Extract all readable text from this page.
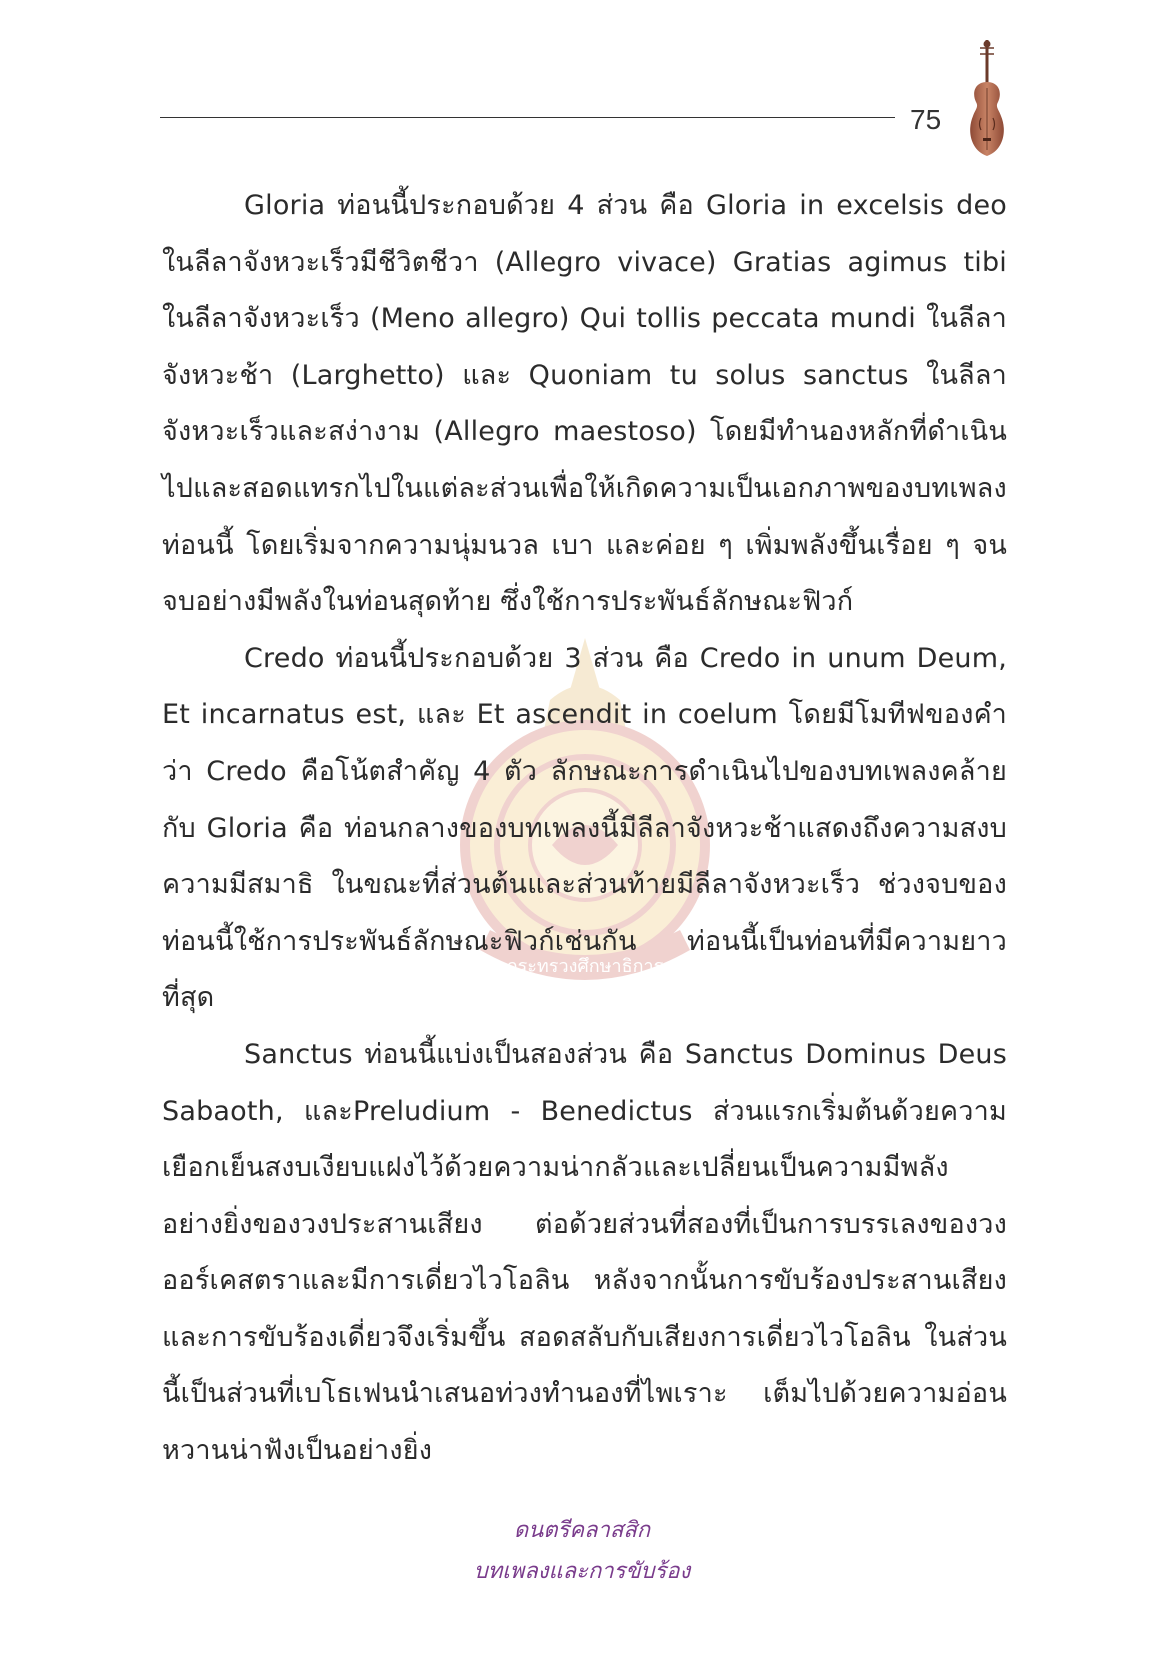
75
กระทรวงศึกษาธิการ

Gloria ท่อนนี้ประกอบด้วย 4 ส่วน คือ Gloria in excelsis deo ในลีลาจังหวะเร็วมีชีวิตชีวา (Allegro vivace) Gratias agimus tibi ในลีลาจังหวะเร็ว (Meno allegro) Qui tollis peccata mundi ในลีลาจังหวะช้า (Larghetto) และ Quoniam tu solus sanctus ในลีลาจังหวะเร็วและสง่างาม (Allegro maestoso) โดยมีทำนองหลักที่ดำเนินไปและสอดแทรกไปในแต่ละส่วนเพื่อให้เกิดความเป็นเอกภาพของบทเพลงท่อนนี้ โดยเริ่มจากความนุ่มนวล เบา และค่อย ๆ เพิ่มพลังขึ้นเรื่อย ๆ จนจบอย่างมีพลังในท่อนสุดท้าย ซึ่งใช้การประพันธ์ลักษณะฟิวก์

Credo ท่อนนี้ประกอบด้วย 3 ส่วน คือ Credo in unum Deum, Et incarnatus est, และ Et ascendit in coelum โดยมีโมทีฟของคำว่า Credo คือโน้ตสำคัญ 4 ตัว ลักษณะการดำเนินไปของบทเพลงคล้ายกับ Gloria คือ ท่อนกลางของบทเพลงนี้มีลีลาจังหวะช้าแสดงถึงความสงบ ความมีสมาธิ ในขณะที่ส่วนต้นและส่วนท้ายมีลีลาจังหวะเร็ว ช่วงจบของท่อนนี้ใช้การประพันธ์ลักษณะฟิวก์เช่นกัน ท่อนนี้เป็นท่อนที่มีความยาวที่สุด

Sanctus ท่อนนี้แบ่งเป็นสองส่วน คือ Sanctus Dominus Deus Sabaoth, และPreludium - Benedictus ส่วนแรกเริ่มต้นด้วยความเยือกเย็นสงบเงียบแฝงไว้ด้วยความน่ากลัวและเปลี่ยนเป็นความมีพลังอย่างยิ่งของวงประสานเสียง ต่อด้วยส่วนที่สองที่เป็นการบรรเลงของวงออร์เคสตราและมีการเดี่ยวไวโอลิน หลังจากนั้นการขับร้องประสานเสียงและการขับร้องเดี่ยวจึงเริ่มขึ้น สอดสลับกับเสียงการเดี่ยวไวโอลิน ในส่วนนี้เป็นส่วนที่เบโธเฟนนำเสนอท่วงทำนองที่ไพเราะ เต็มไปด้วยความอ่อนหวานน่าฟังเป็นอย่างยิ่ง

ดนตรีคลาสสิก
บทเพลงและการขับร้อง
